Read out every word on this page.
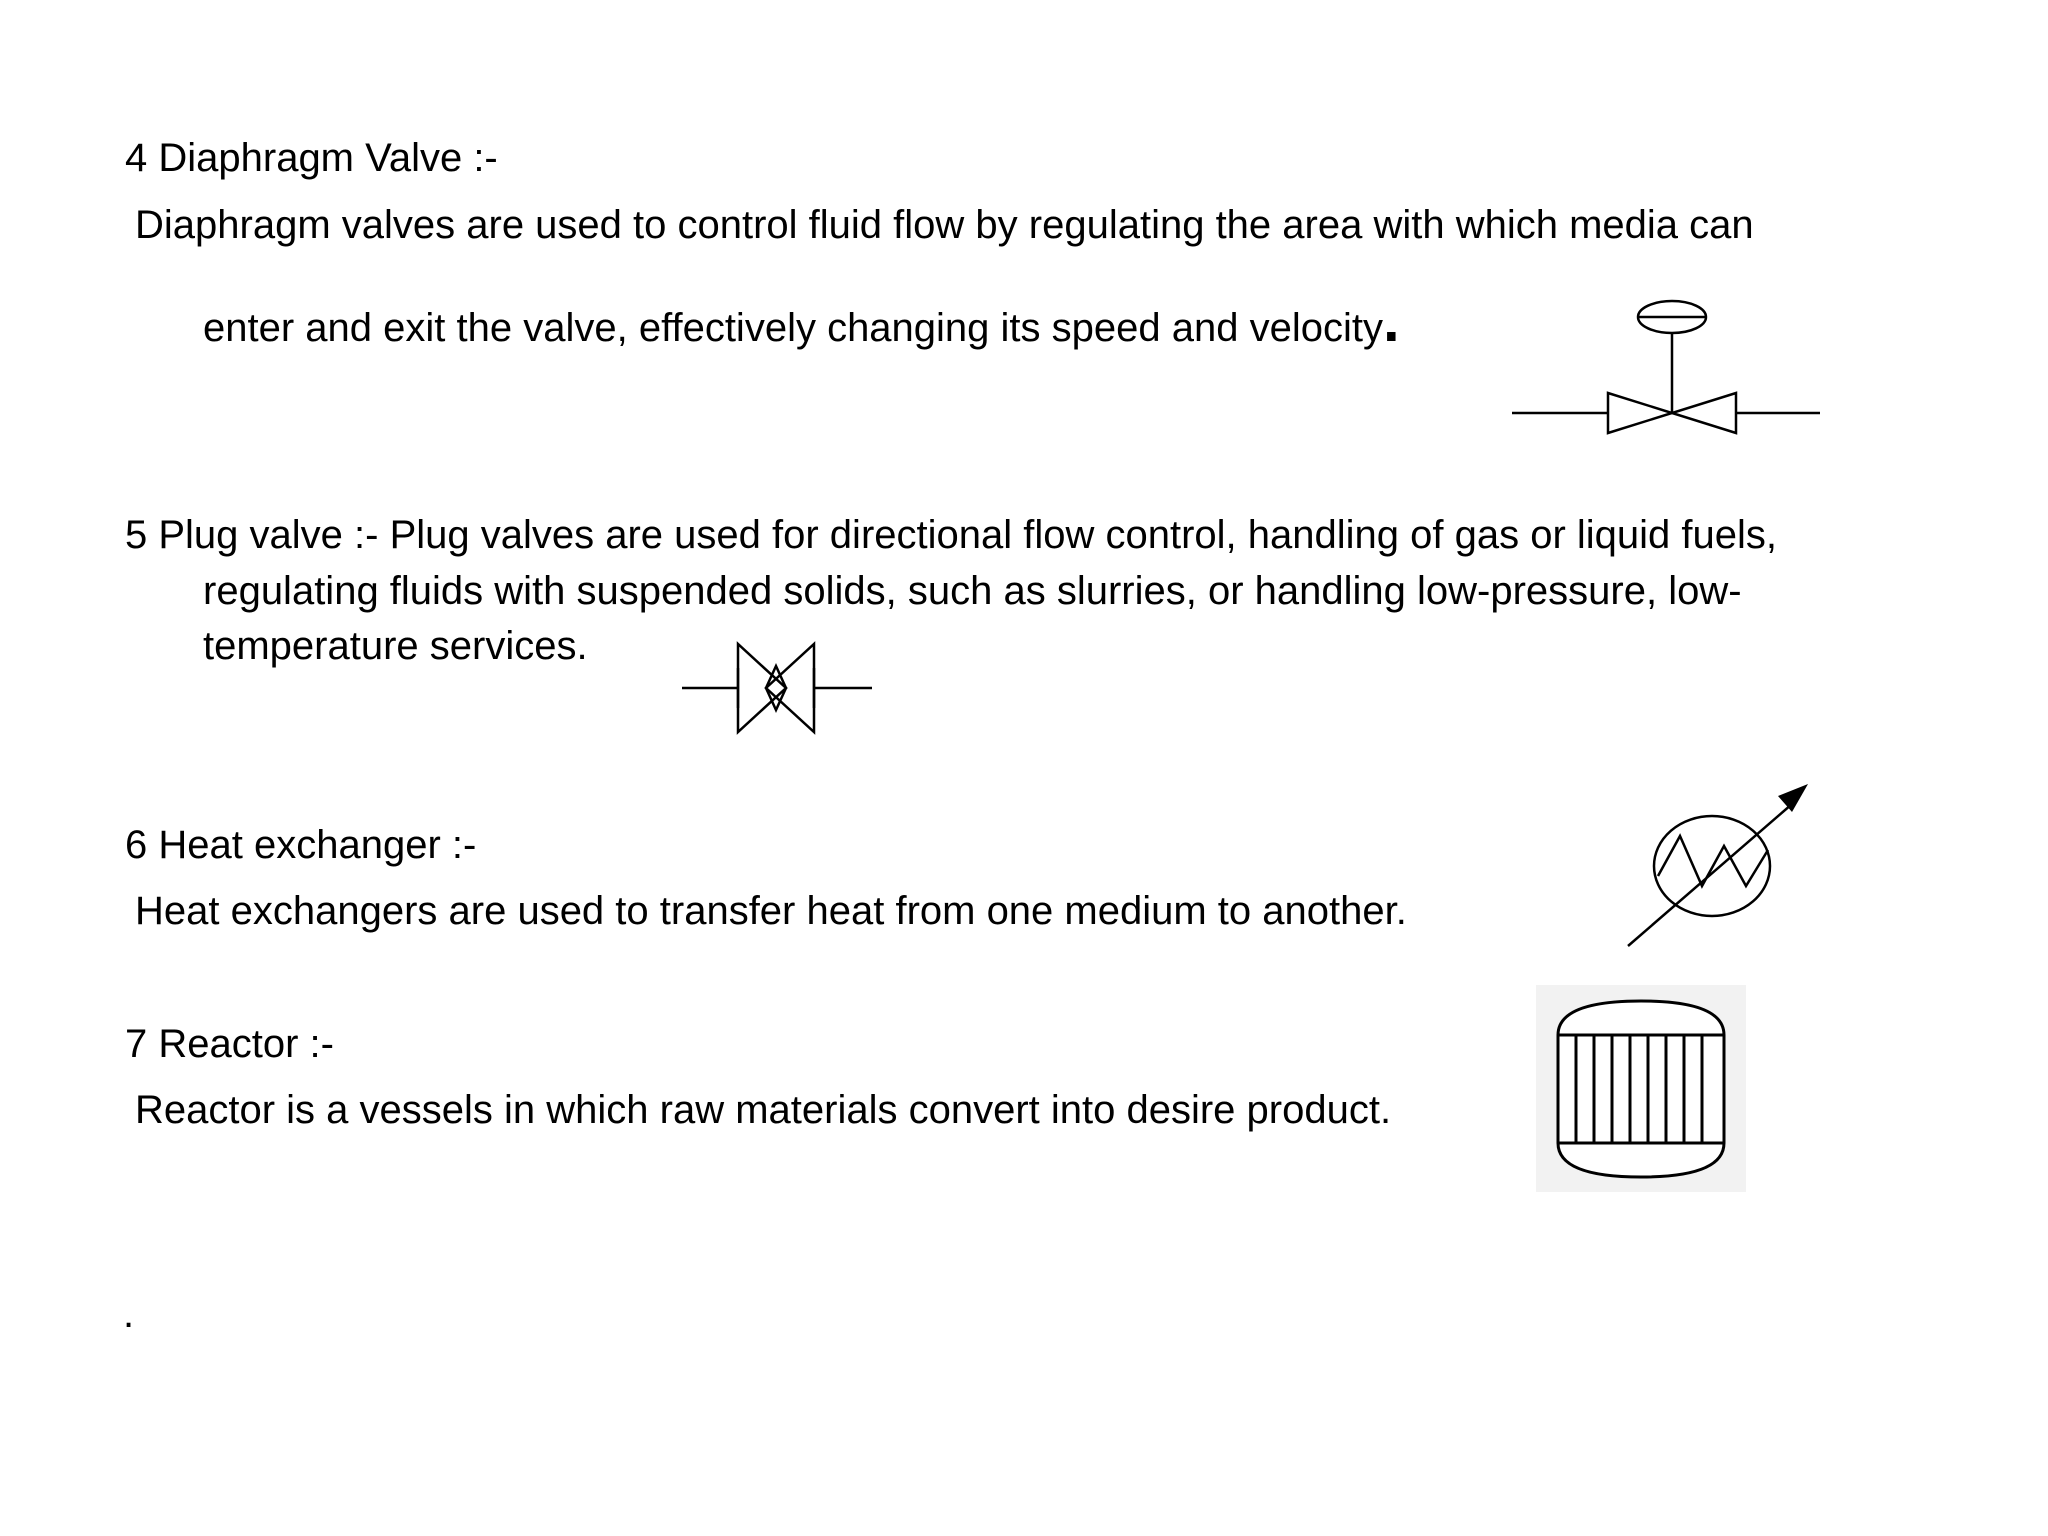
4 Diaphragm Valve :-
Diaphragm valves are used to control fluid flow by regulating the area with which media can
enter and exit the valve, effectively changing its speed and velocity.
5 Plug valve :- Plug valves are used for directional flow control, handling of gas or liquid fuels,
regulating fluids with suspended solids, such as slurries, or handling low-pressure, low-
temperature services.
6 Heat exchanger :-
Heat exchangers are used to transfer heat from one medium to another.
7 Reactor :-
Reactor is a vessels in which raw materials convert into desire product.
.
